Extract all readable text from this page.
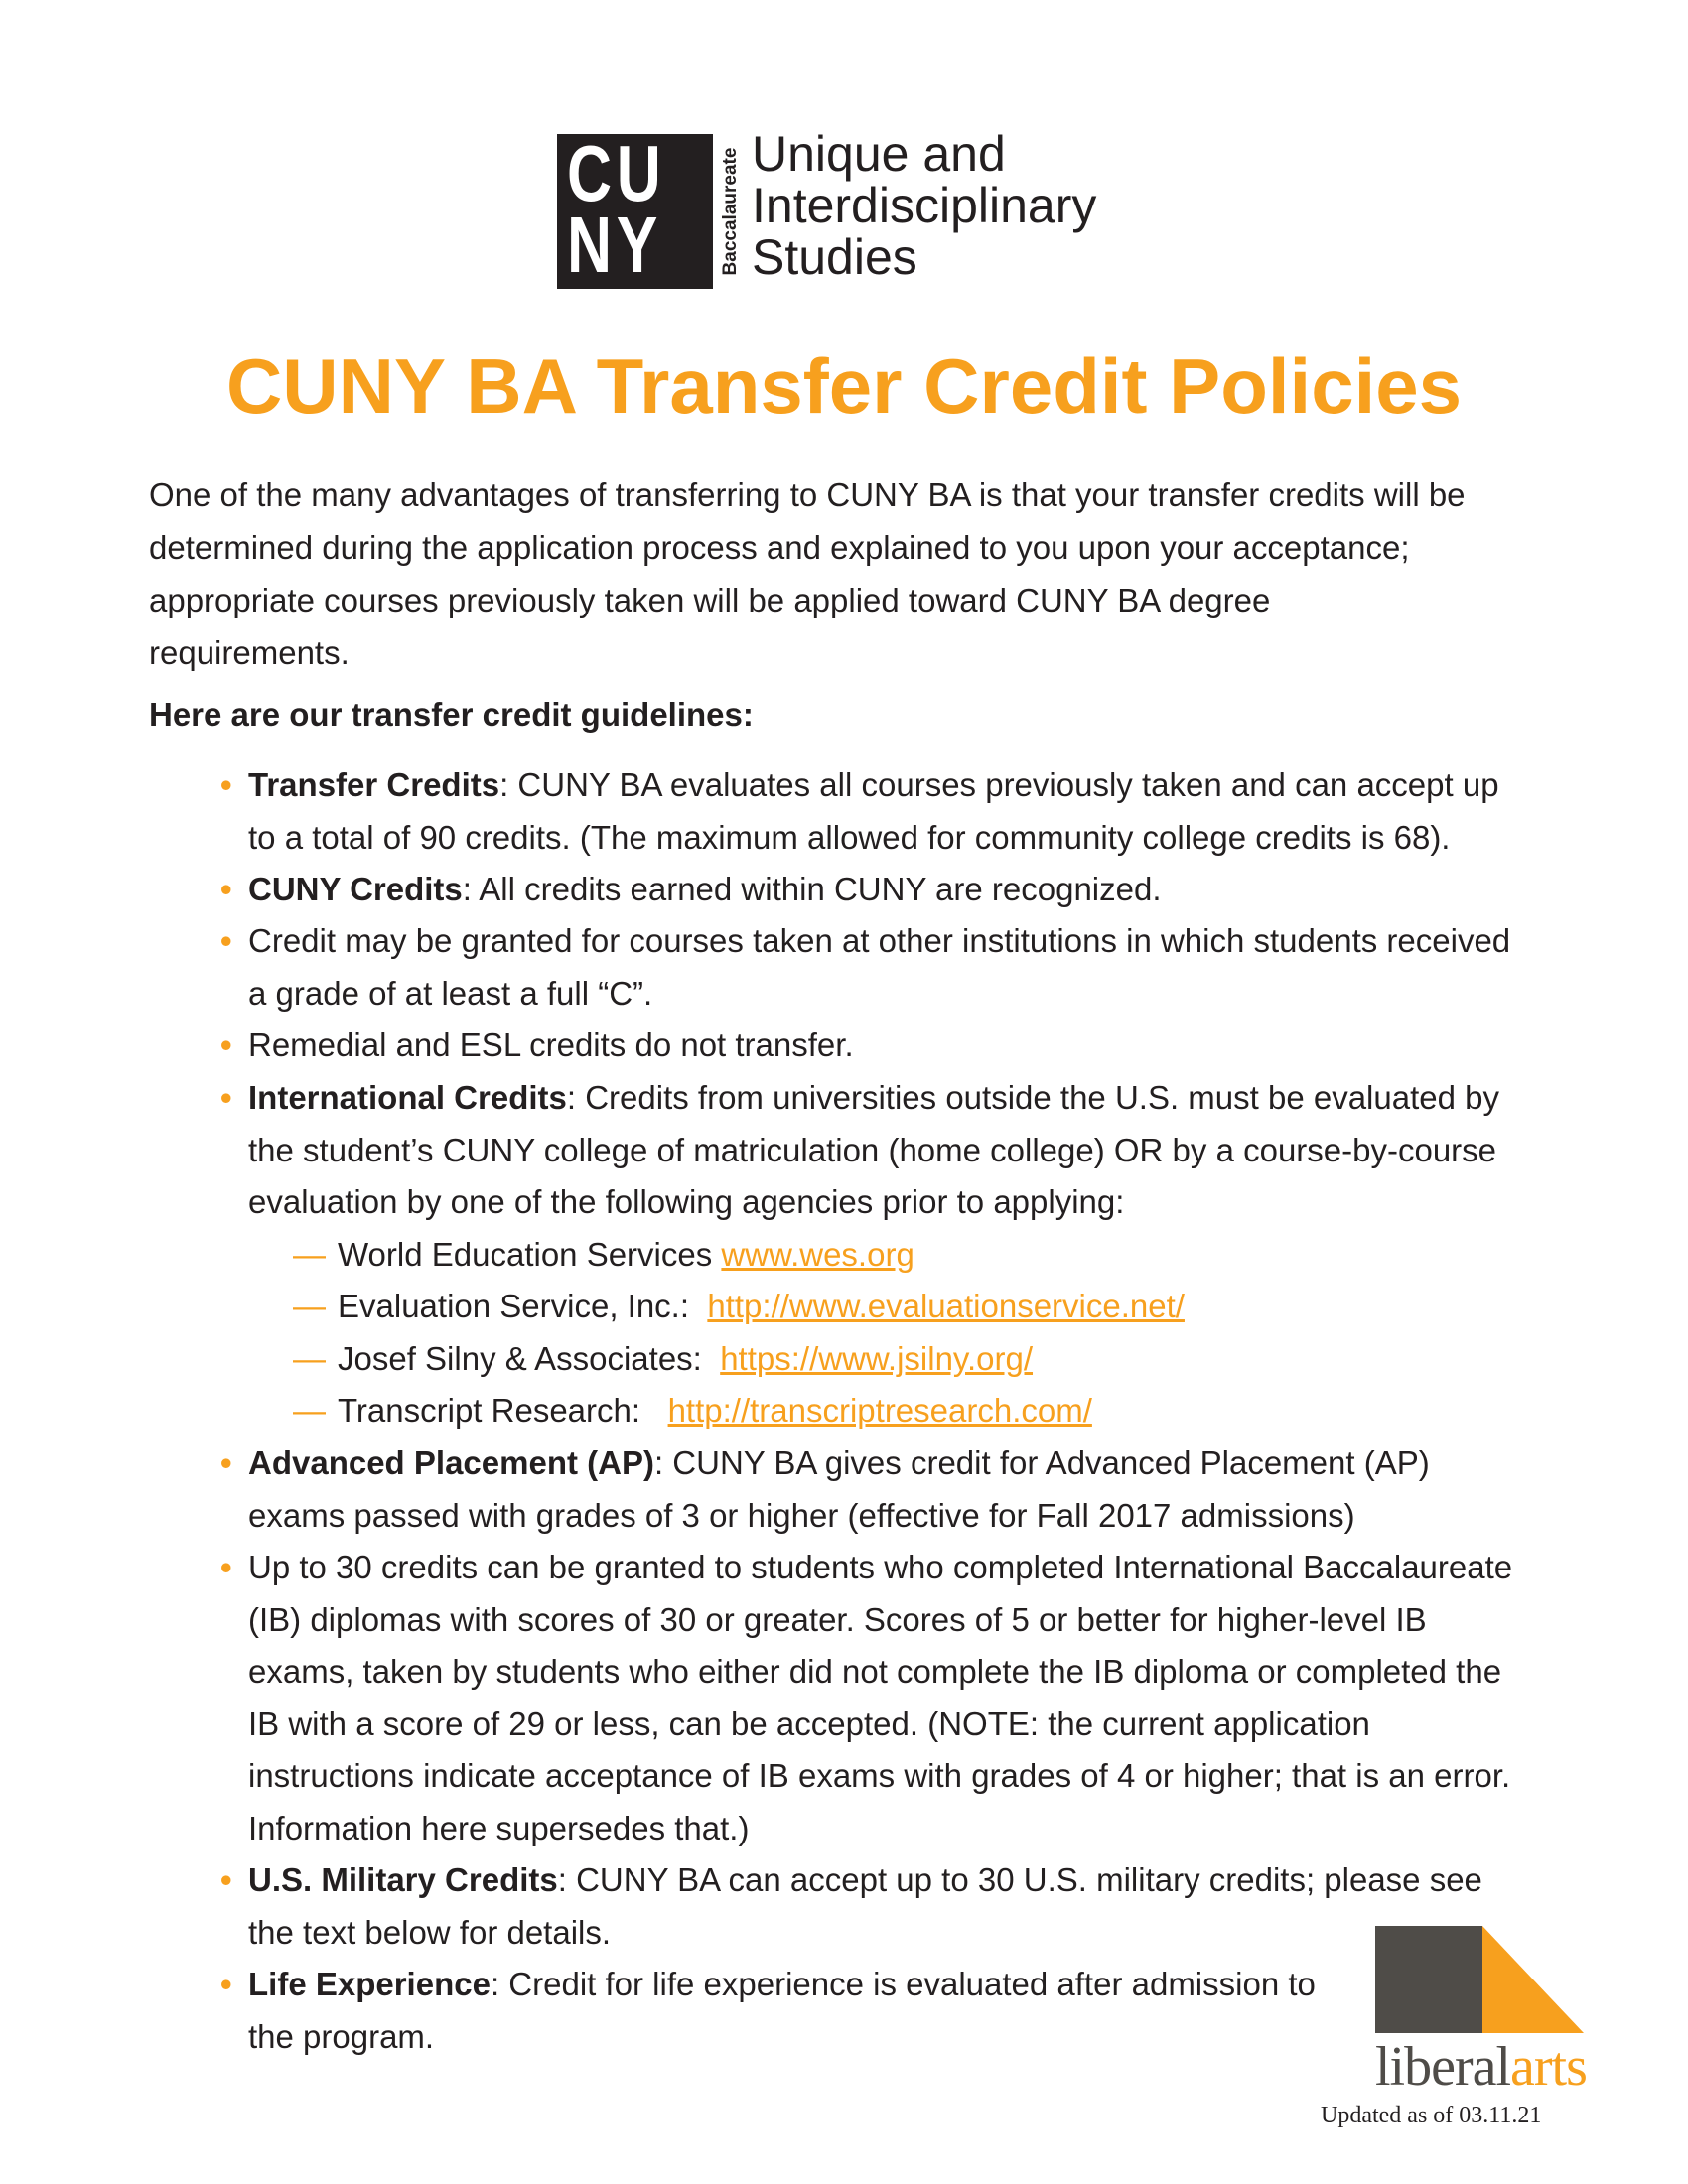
CU
NY	Baccalaureate Unique and
Interdisciplinary
Studies
CUNY BA Transfer Credit Policies

One of the many advantages of transferring to CUNY BA is that your transfer credits will be determined during the application process and explained to you upon your acceptance; appropriate courses previously taken will be applied toward CUNY BA degree requirements.

Here are our transfer credit guidelines:

• Transfer Credits: CUNY BA evaluates all courses previously taken and can accept up to a total of 90 credits. (The maximum allowed for community college credits is 68).
• CUNY Credits: All credits earned within CUNY are recognized.
• Credit may be granted for courses taken at other institutions in which students received a grade of at least a full “C”.
• Remedial and ESL credits do not transfer.
• International Credits: Credits from universities outside the U.S. must be evaluated by the student’s CUNY college of matriculation (home college) OR by a course-by-course evaluation by one of the following agencies prior to applying:
— World Education Services www.wes.org
— Evaluation Service, Inc.: http://www.evaluationservice.net/
— Josef Silny & Associates: https://www.jsilny.org/
— Transcript Research: http://transcriptresearch.com/
• Advanced Placement (AP): CUNY BA gives credit for Advanced Placement (AP) exams passed with grades of 3 or higher (effective for Fall 2017 admissions)
• Up to 30 credits can be granted to students who completed International Baccalaureate (IB) diplomas with scores of 30 or greater. Scores of 5 or better for higher-level IB exams, taken by students who either did not complete the IB diploma or completed the IB with a score of 29 or less, can be accepted. (NOTE: the current application instructions indicate acceptance of IB exams with grades of 4 or higher; that is an error. Information here supersedes that.)
• U.S. Military Credits: CUNY BA can accept up to 30 U.S. military credits; please see the text below for details.
• Life Experience: Credit for life experience is evaluated after admission to the program.	liberalarts
Updated as of 03.11.21
